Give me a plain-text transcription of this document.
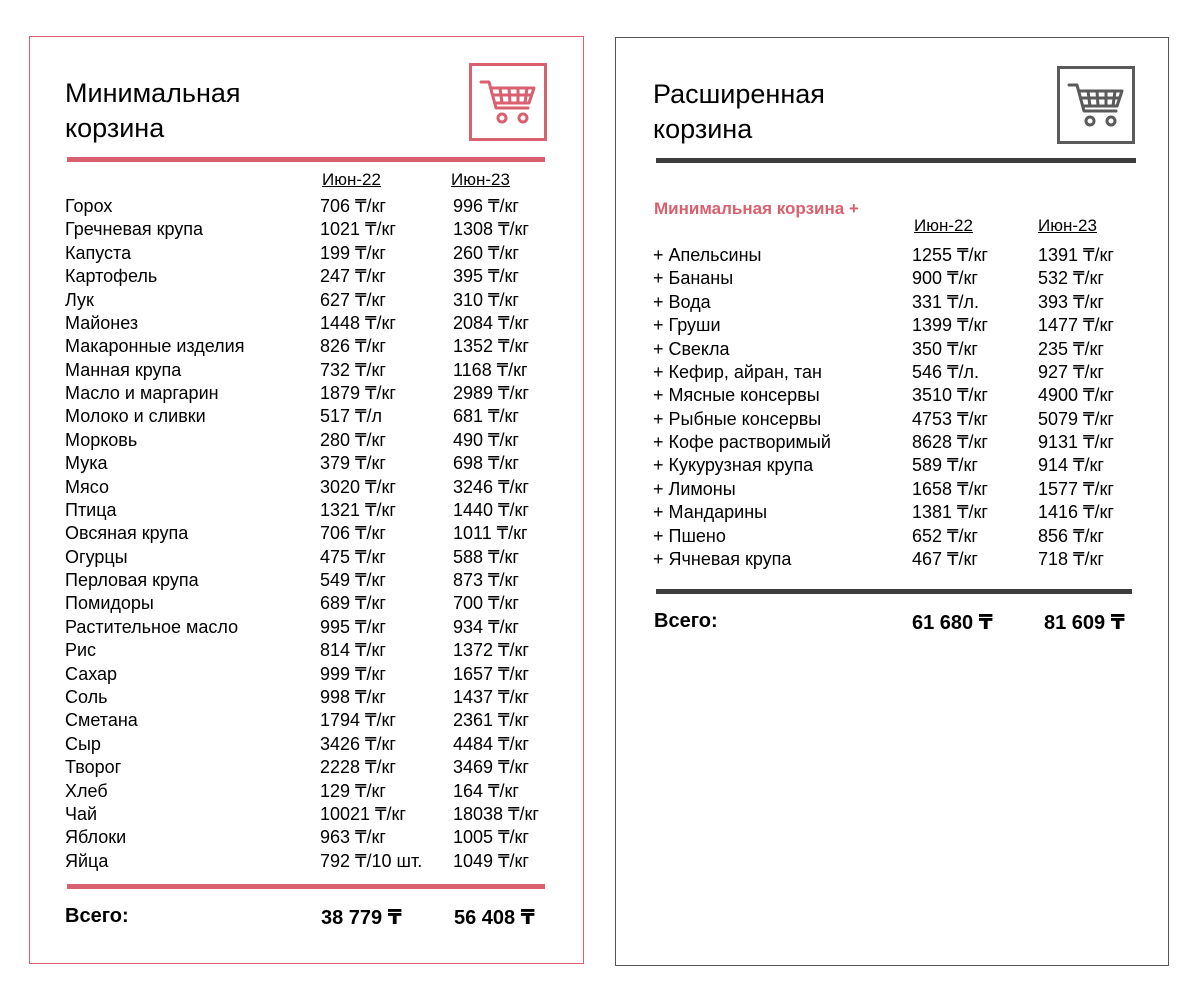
Минимальная
корзина
Июн-22	Июн-23
Горох	706 ₸/кг	996 ₸/кг
Гречневая крупа	1021 ₸/кг	1308 ₸/кг
Капуста	199 ₸/кг	260 ₸/кг
Картофель	247 ₸/кг	395 ₸/кг
Лук	627 ₸/кг	310 ₸/кг
Майонез	1448 ₸/кг	2084 ₸/кг
Макаронные изделия	826 ₸/кг	1352 ₸/кг
Манная крупа	732 ₸/кг	1168 ₸/кг
Масло и маргарин	1879 ₸/кг	2989 ₸/кг
Молоко и сливки	517 ₸/л	681 ₸/кг
Морковь	280 ₸/кг	490 ₸/кг
Мука	379 ₸/кг	698 ₸/кг
Мясо	3020 ₸/кг	3246 ₸/кг
Птица	1321 ₸/кг	1440 ₸/кг
Овсяная крупа	706 ₸/кг	1011 ₸/кг
Огурцы	475 ₸/кг	588 ₸/кг
Перловая крупа	549 ₸/кг	873 ₸/кг
Помидоры	689 ₸/кг	700 ₸/кг
Растительное масло	995 ₸/кг	934 ₸/кг
Рис	814 ₸/кг	1372 ₸/кг
Сахар	999 ₸/кг	1657 ₸/кг
Соль	998 ₸/кг	1437 ₸/кг
Сметана	1794 ₸/кг	2361 ₸/кг
Сыр	3426 ₸/кг	4484 ₸/кг
Творог	2228 ₸/кг	3469 ₸/кг
Хлеб	129 ₸/кг	164 ₸/кг
Чай	10021 ₸/кг	18038 ₸/кг
Яблоки	963 ₸/кг	1005 ₸/кг
Яйца	792 ₸/10 шт. 1049 ₸/кг
Всего:	38 779 ₸	56 408 ₸
Расширенная
корзина
Минимальная корзина +
Июн-22	Июн-23
+ Апельсины	1255 ₸/кг	1391 ₸/кг
+ Бананы	900 ₸/кг	532 ₸/кг
+ Вода	331 ₸/л.	393 ₸/кг
+ Груши	1399 ₸/кг	1477 ₸/кг
+ Свекла	350 ₸/кг	235 ₸/кг
+ Кефир, айран, тан	546 ₸/л.	927 ₸/кг
+ Мясные консервы	3510 ₸/кг	4900 ₸/кг
+ Рыбные консервы	4753 ₸/кг	5079 ₸/кг
+ Кофе растворимый	8628 ₸/кг	9131 ₸/кг
+ Кукурузная крупа	589 ₸/кг	914 ₸/кг
+ Лимоны	1658 ₸/кг	1577 ₸/кг
+ Мандарины	1381 ₸/кг	1416 ₸/кг
+ Пшено	652 ₸/кг	856 ₸/кг
+ Ячневая крупа	467 ₸/кг	718 ₸/кг
Всего:	61 680 ₸	81 609 ₸
